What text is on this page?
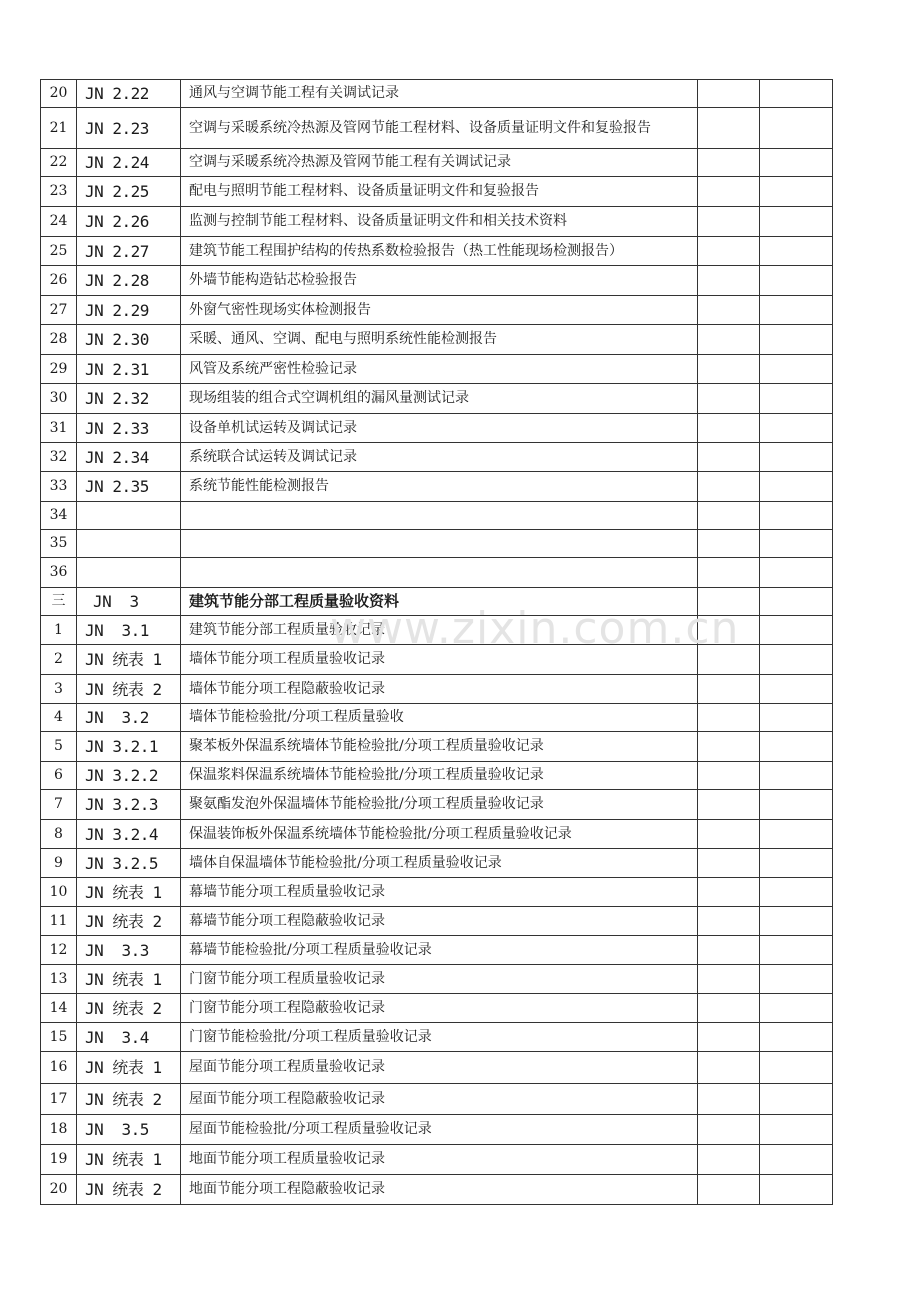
20	JN 2.22	通风与空调节能工程有关调试记录		
21	JN 2.23	空调与采暖系统冷热源及管网节能工程材料、设备质量证明文件和复验报告		
22	JN 2.24	空调与采暖系统冷热源及管网节能工程有关调试记录		
23	JN 2.25	配电与照明节能工程材料、设备质量证明文件和复验报告		
24	JN 2.26	监测与控制节能工程材料、设备质量证明文件和相关技术资料		
25	JN 2.27	建筑节能工程围护结构的传热系数检验报告（热工性能现场检测报告）		
26	JN 2.28	外墙节能构造钻芯检验报告		
27	JN 2.29	外窗气密性现场实体检测报告		
28	JN 2.30	采暖、通风、空调、配电与照明系统性能检测报告		
29	JN 2.31	风管及系统严密性检验记录		
30	JN 2.32	现场组装的组合式空调机组的漏风量测试记录		
31	JN 2.33	设备单机试运转及调试记录		
32	JN 2.34	系统联合试运转及调试记录		
33	JN 2.35	系统节能性能检测报告		
34				
35				
36				
三	JN  3	建筑节能分部工程质量验收资料		
1	JN  3.1	建筑节能分部工程质量验收记录		
2	JN 统表 1	墙体节能分项工程质量验收记录		
3	JN 统表 2	墙体节能分项工程隐蔽验收记录		
4	JN  3.2	墙体节能检验批/分项工程质量验收		
5	JN 3.2.1	聚苯板外保温系统墙体节能检验批/分项工程质量验收记录		
6	JN 3.2.2	保温浆料保温系统墙体节能检验批/分项工程质量验收记录		
7	JN 3.2.3	聚氨酯发泡外保温墙体节能检验批/分项工程质量验收记录		
8	JN 3.2.4	保温装饰板外保温系统墙体节能检验批/分项工程质量验收记录		
9	JN 3.2.5	墙体自保温墙体节能检验批/分项工程质量验收记录		
10	JN 统表 1	幕墙节能分项工程质量验收记录		
11	JN 统表 2	幕墙节能分项工程隐蔽验收记录		
12	JN  3.3	幕墙节能检验批/分项工程质量验收记录		
13	JN 统表 1	门窗节能分项工程质量验收记录		
14	JN 统表 2	门窗节能分项工程隐蔽验收记录		
15	JN  3.4	门窗节能检验批/分项工程质量验收记录		
16	JN 统表 1	屋面节能分项工程质量验收记录		
17	JN 统表 2	屋面节能分项工程隐蔽验收记录		
18	JN  3.5	屋面节能检验批/分项工程质量验收记录		
19	JN 统表 1	地面节能分项工程质量验收记录		
20	JN 统表 2	地面节能分项工程隐蔽验收记录		
www.zixin.com.cn
